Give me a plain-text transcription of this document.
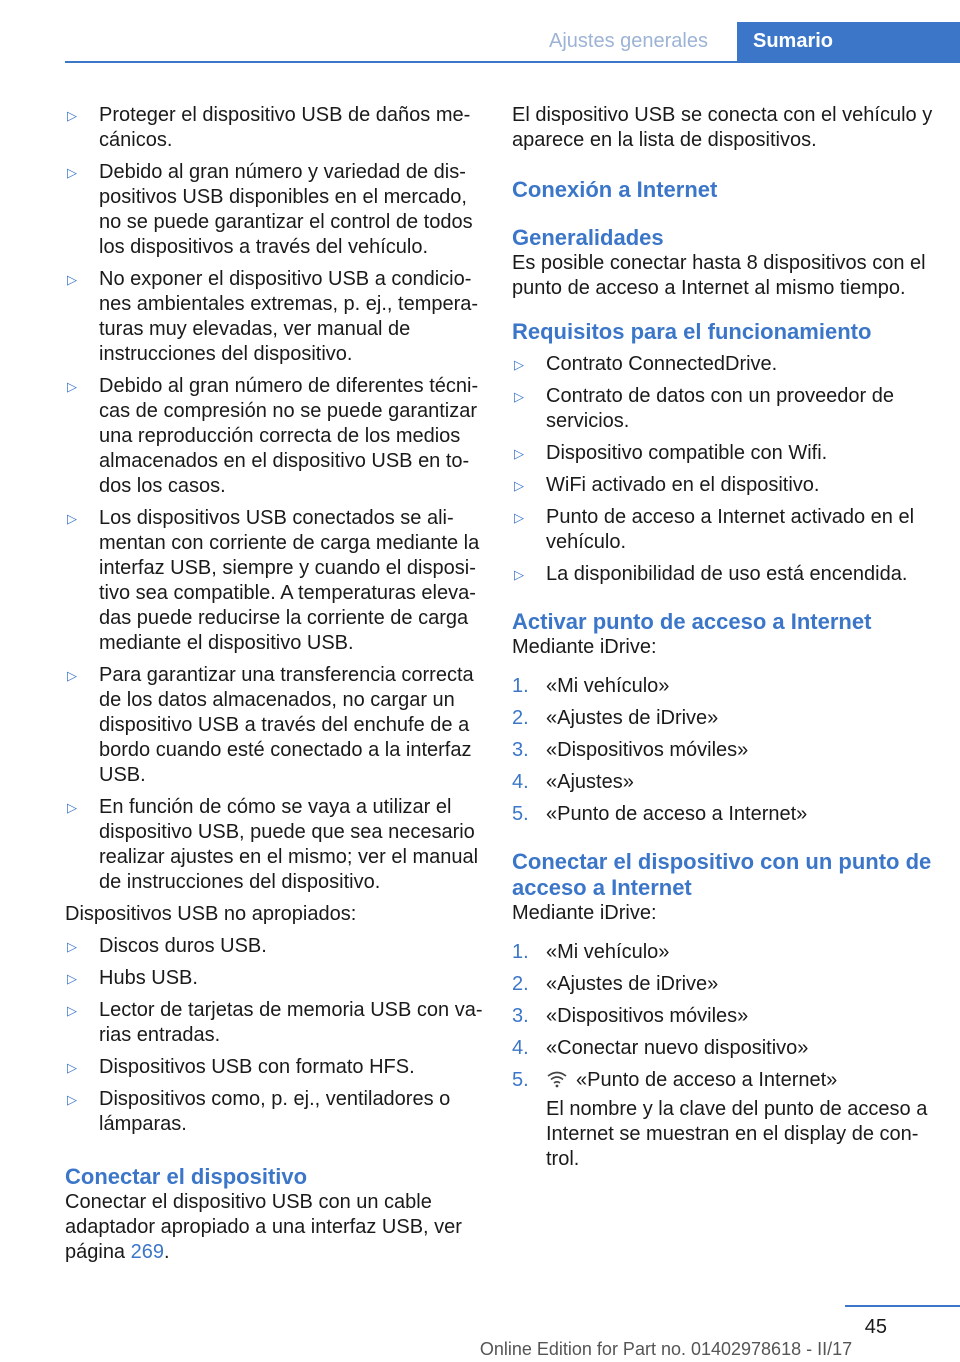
Ajustes generales Sumario
▷	Proteger el dispositivo USB de daños mecánicos.
▷	Debido al gran número y variedad de dispositivos USB disponibles en el mercado, no se puede garantizar el control de todos los dispositivos a través del vehículo.
▷	No exponer el dispositivo USB a condiciones ambientales extremas, p. ej., temperaturas muy elevadas, ver manual de instrucciones del dispositivo.
▷	Debido al gran número de diferentes técnicas de compresión no se puede garantizar una reproducción correcta de los medios almacenados en el dispositivo USB en todos los casos.
▷	Los dispositivos USB conectados se alimentan con corriente de carga mediante la interfaz USB, siempre y cuando el dispositivo sea compatible. A temperaturas elevadas puede reducirse la corriente de carga mediante el dispositivo USB.
▷	Para garantizar una transferencia correcta de los datos almacenados, no cargar un dispositivo USB a través del enchufe de a bordo cuando esté conectado a la interfaz USB.
▷	En función de cómo se vaya a utilizar el dispositivo USB, puede que sea necesario realizar ajustes en el mismo; ver el manual de instrucciones del dispositivo.

Dispositivos USB no apropiados:

▷	Discos duros USB.
▷	Hubs USB.
▷	Lector de tarjetas de memoria USB con varias entradas.
▷	Dispositivos USB con formato HFS.
▷	Dispositivos como, p. ej., ventiladores o lámparas.
Conectar el dispositivo

Conectar el dispositivo USB con un cable adaptador apropiado a una interfaz USB, ver página 269.

El dispositivo USB se conecta con el vehículo y aparece en la lista de dispositivos.

Conexión a Internet
Generalidades

Es posible conectar hasta 8 dispositivos con el punto de acceso a Internet al mismo tiempo.

Requisitos para el funcionamiento
▷	Contrato ConnectedDrive.
▷	Contrato de datos con un proveedor de servicios.
▷	Dispositivo compatible con Wifi.
▷	WiFi activado en el dispositivo.
▷	Punto de acceso a Internet activado en el vehículo.
▷	La disponibilidad de uso está encendida.
Activar punto de acceso a Internet

Mediante iDrive:

1. «Mi vehículo»
2. «Ajustes de iDrive»
3. «Dispositivos móviles»
4. «Ajustes»
5. «Punto de acceso a Internet»
Conectar el dispositivo con un punto de acceso a Internet

Mediante iDrive:

1. «Mi vehículo»
2. «Ajustes de iDrive»
3. «Dispositivos móviles»
4. «Conectar nuevo dispositivo»
5.	«Punto de acceso a Internet»
El nombre y la clave del punto de acceso a Internet se muestran en el display de control.
45
Online Edition for Part no. 01402978618 - II/17
